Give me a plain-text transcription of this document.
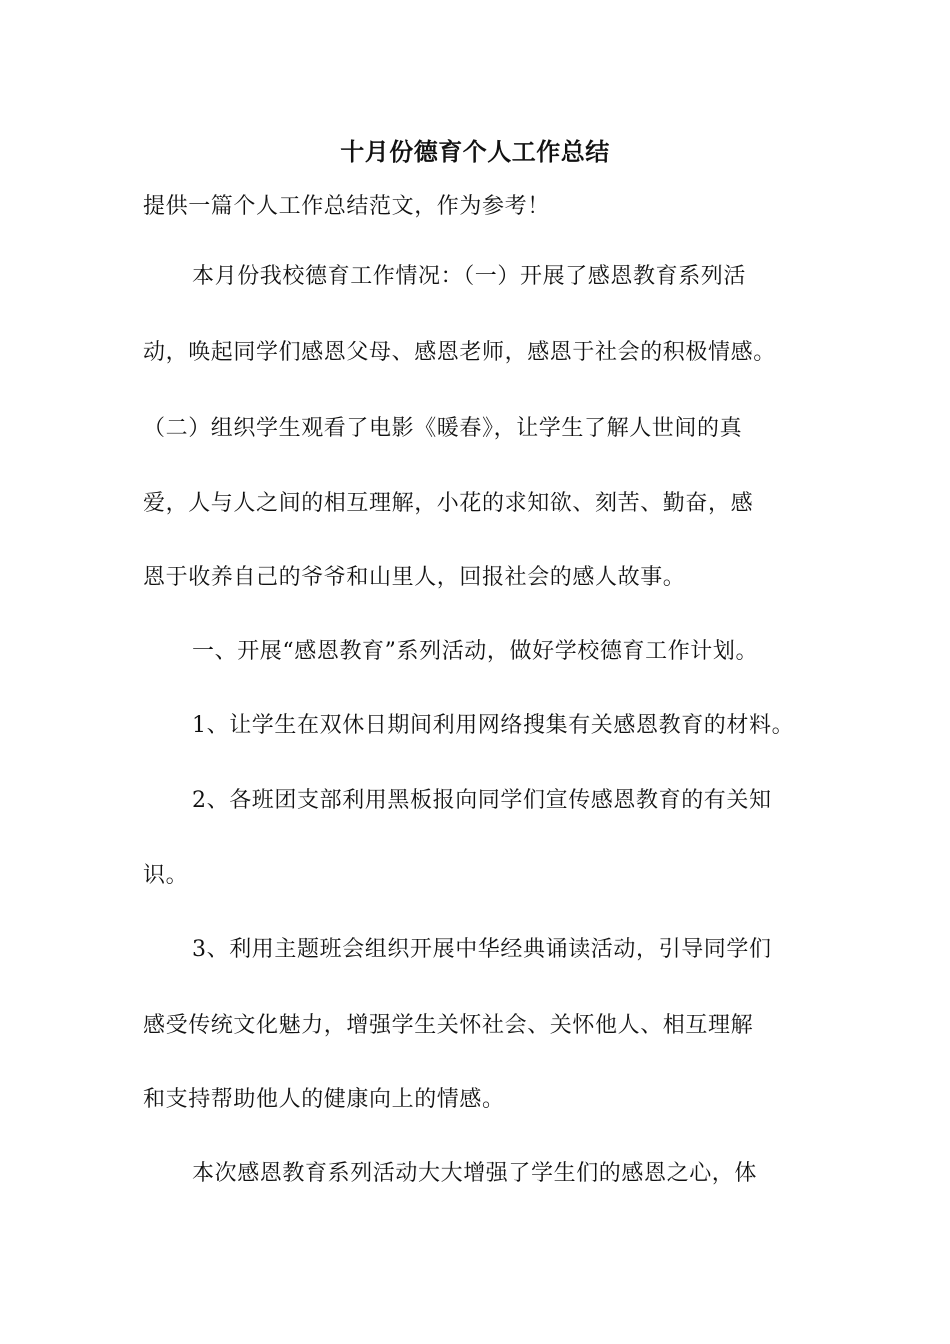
十月份德育个人工作总结
提供一篇个人工作总结范文，作为参考！
本月份我校德育工作情况：（一）开展了感恩教育系列活
动，唤起同学们感恩父母、感恩老师，感恩于社会的积极情感。
（二）组织学生观看了电影《暖春》，让学生了解人世间的真
爱，人与人之间的相互理解，小花的求知欲、刻苦、勤奋，感
恩于收养自己的爷爷和山里人，回报社会的感人故事。
一、开展“感恩教育”系列活动，做好学校德育工作计划。
1、让学生在双休日期间利用网络搜集有关感恩教育的材料。
2、各班团支部利用黑板报向同学们宣传感恩教育的有关知
识。
3、利用主题班会组织开展中华经典诵读活动，引导同学们
感受传统文化魅力，增强学生关怀社会、关怀他人、相互理解
和支持帮助他人的健康向上的情感。
本次感恩教育系列活动大大增强了学生们的感恩之心，体
